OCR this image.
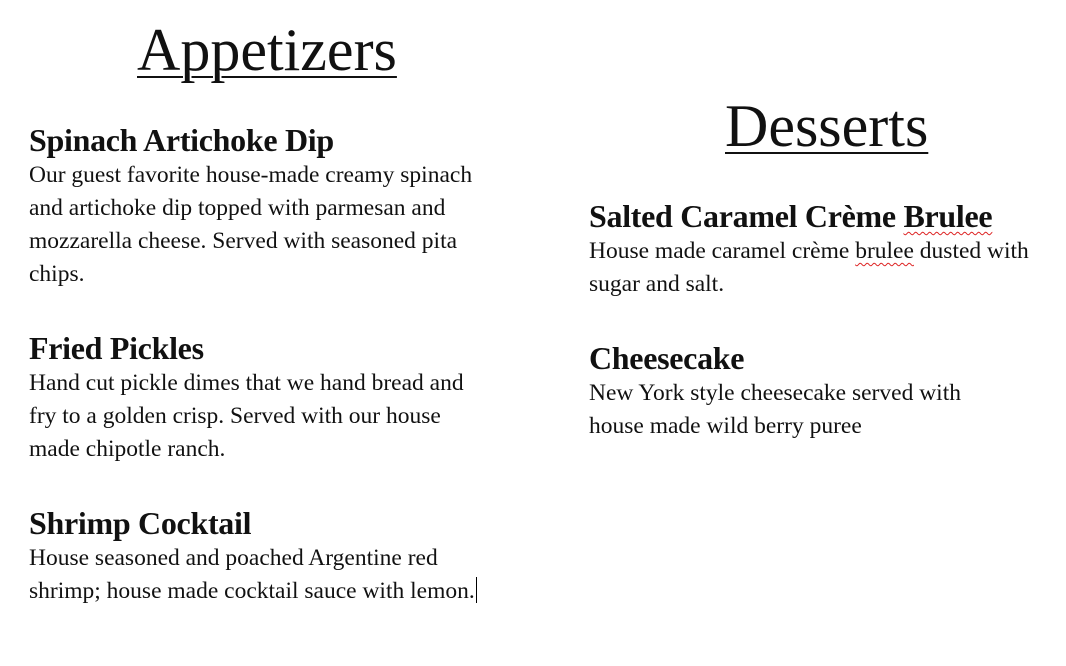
Appetizers
Desserts

Spinach Artichoke Dip

Our guest favorite house-made creamy spinach and artichoke dip topped with parmesan and mozzarella cheese. Served with seasoned pita chips.

Fried Pickles

Hand cut pickle dimes that we hand bread and fry to a golden crisp. Served with our house made chipotle ranch.

Shrimp Cocktail

House seasoned and poached Argentine red shrimp; house made cocktail sauce with lemon.

Salted Caramel Crème Brulee

House made caramel crème brulee dusted with sugar and salt.

Cheesecake

New York style cheesecake served with house made wild berry puree
